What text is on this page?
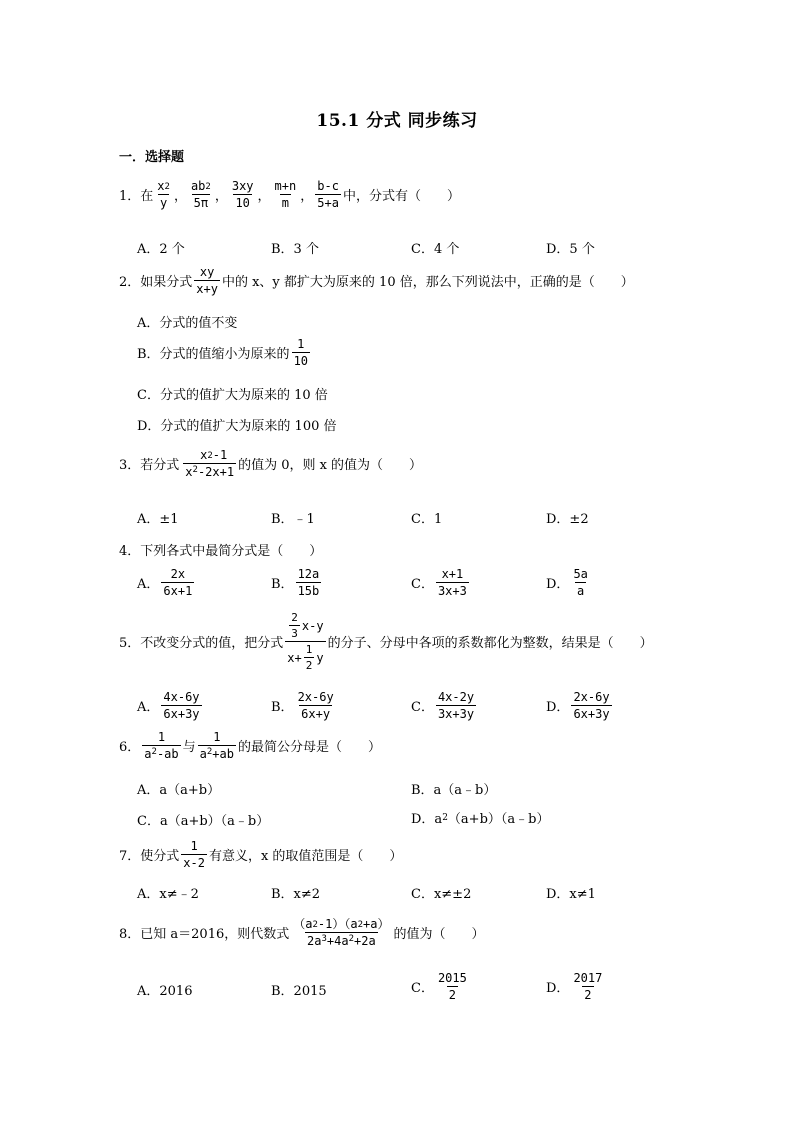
15.1 分式 同步练习
一．选择题
1．在 $\frac{x 2}{y}$ ， $\frac{ab 2}{5\pi}$ ， $\frac{3xy}{10}$ ， $\frac{m+n}{m}$ ， $\frac{b-c}{5+a}$ 中，分式有（　　）
A．2 个	B．3 个	C．4 个	D．5 个
2．如果分式 $\frac{xy}{x+y}$ 中的 x、y 都扩大为原来的 10 倍，那么下列说法中，正确的是（　　）
A．分式的值不变
B．分式的值缩小为原来的 $\frac{1}{10}$
C．分式的值扩大为原来的 10 倍
D．分式的值扩大为原来的 100 倍
3．若分式 $\frac{x 2 -1}{x 2 -2x+1}$ 的值为 0，则 x 的值为（　　）
A．±1	B．﹣1	C．1	D．±2
4．下列各式中最简分式是（　　）
A． $\frac{2x}{6x+1}$	B． $\frac{12a}{15b}$	C． $\frac{x+1}{3x+3}$	D． $\frac{5a}{a}$
5．不改变分式的值，把分式 $\frac{\frac{2}{3} x-y}{x+ \frac{1}{2} y}$ 的分子、分母中各项的系数都化为整数，结果是（　　）
A． $\frac{4x-6y}{6x+3y}$	B． $\frac{2x-6y}{6x+y}$	C． $\frac{4x-2y}{3x+3y}$	D． $\frac{2x-6y}{6x+3y}$
6． $\frac{1}{a 2 -ab}$ 与 $\frac{1}{a 2 +ab}$ 的最简公分母是（　　）
A．a（a+b）	B．a（a﹣b）
C．a（a+b）（a﹣b）	D．a 2 （a+b）（a﹣b）
7．使分式 $\frac{1}{x-2}$ 有意义，x 的取值范围是（　　）
A．x≠﹣2	B．x≠2	C．x≠±2	D．x≠1
8．已知 a＝2016，则代数式 $\frac{(a 2 -1)(a 2 +a)}{2a 3 +4a 2 +2a}$ 的值为（　　）
A．2016	B．2015	C． $\frac{2015}{2}$	D． $\frac{2017}{2}$
